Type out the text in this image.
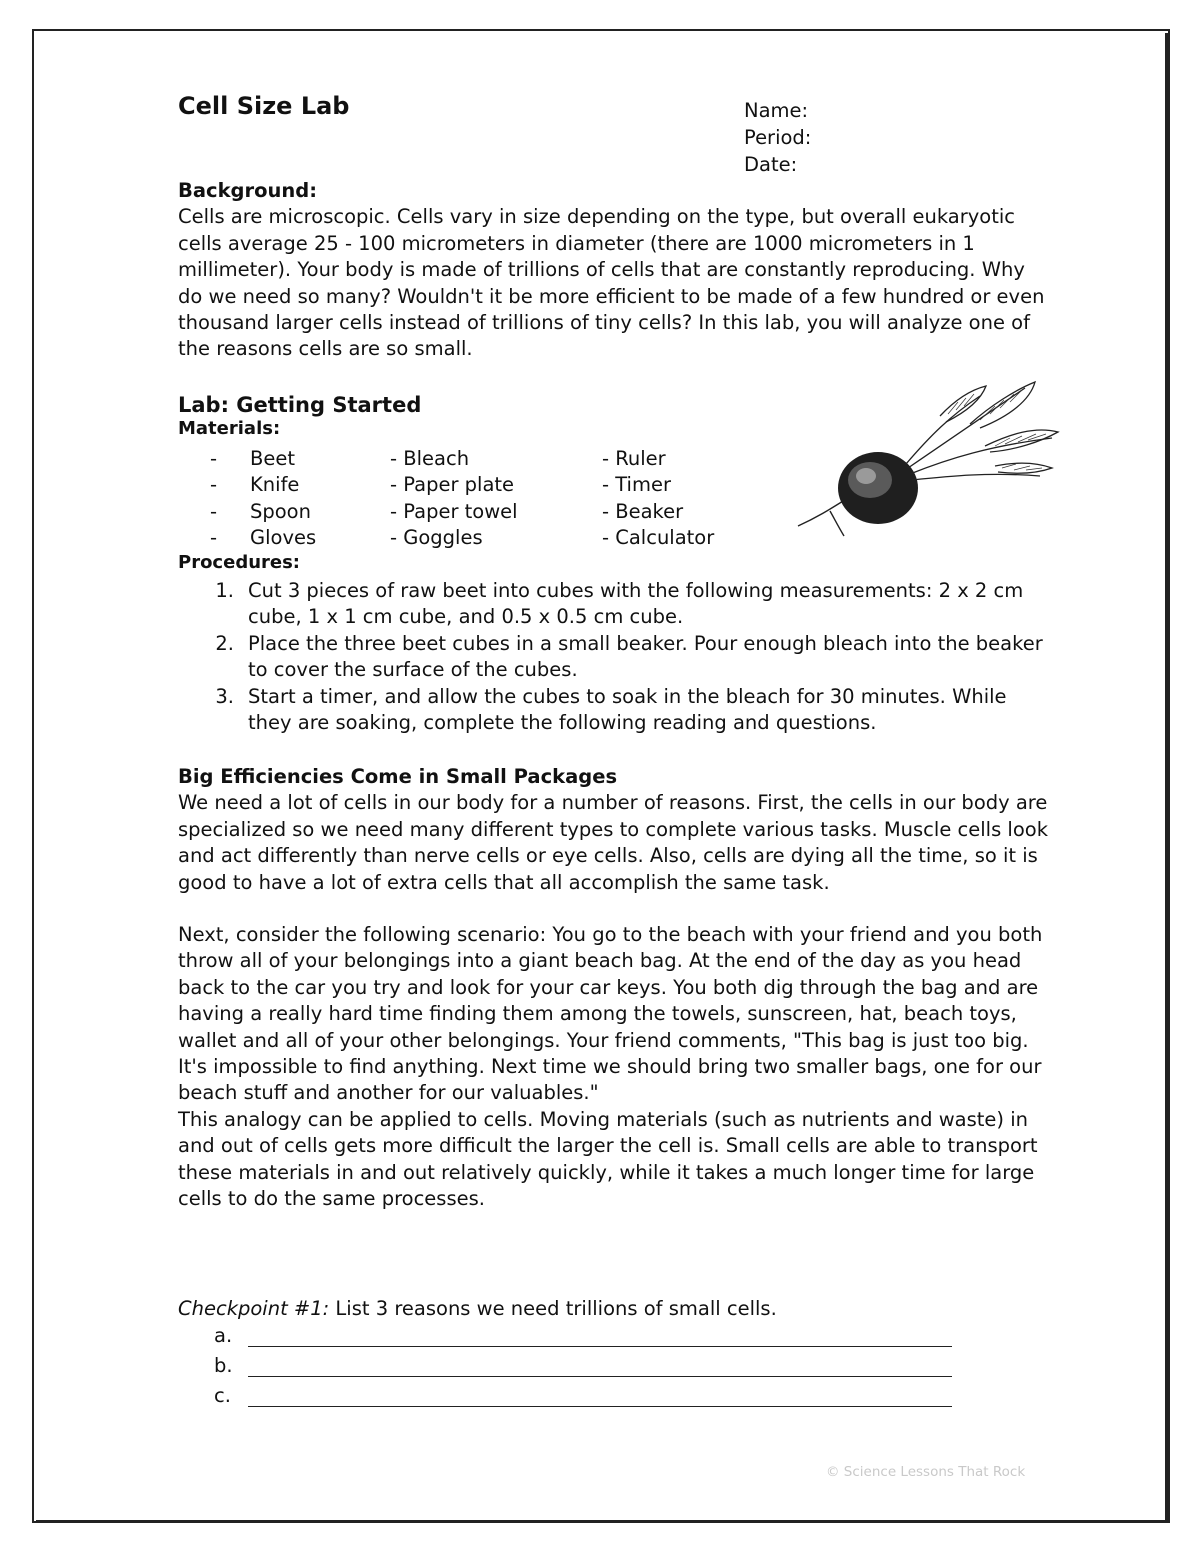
Cell Size Lab	Name:
Period:
Date:
Background:

Cells are microscopic. Cells vary in size depending on the type, but overall eukaryotic cells average 25 - 100 micrometers in diameter (there are 1000 micrometers in 1 millimeter). Your body is made of trillions of cells that are constantly reproducing. Why do we need so many? Wouldn't it be more efficient to be made of a few hundred or even thousand larger cells instead of trillions of tiny cells? In this lab, you will analyze one of the reasons cells are so small.

Lab: Getting Started
Materials:
-	Beet	- Bleach	- Ruler
-	Knife	- Paper plate	- Timer
-	Spoon	- Paper towel	- Beaker
-	Gloves	- Goggles	- Calculator
Procedures:
1. Cut 3 pieces of raw beet into cubes with the following measurements: 2 x 2 cm cube, 1 x 1 cm cube, and 0.5 x 0.5 cm cube.
2. Place the three beet cubes in a small beaker. Pour enough bleach into the beaker to cover the surface of the cubes.
3. Start a timer, and allow the cubes to soak in the bleach for 30 minutes. While they are soaking, complete the following reading and questions.
Big Efficiencies Come in Small Packages

We need a lot of cells in our body for a number of reasons. First, the cells in our body are specialized so we need many different types to complete various tasks. Muscle cells look and act differently than nerve cells or eye cells. Also, cells are dying all the time, so it is good to have a lot of extra cells that all accomplish the same task.

Next, consider the following scenario: You go to the beach with your friend and you both throw all of your belongings into a giant beach bag. At the end of the day as you head back to the car you try and look for your car keys. You both dig through the bag and are having a really hard time finding them among the towels, sunscreen, hat, beach toys, wallet and all of your other belongings. Your friend comments, "This bag is just too big. It's impossible to find anything. Next time we should bring two smaller bags, one for our beach stuff and another for our valuables."

This analogy can be applied to cells. Moving materials (such as nutrients and waste) in and out of cells gets more difficult the larger the cell is. Small cells are able to transport these materials in and out relatively quickly, while it takes a much longer time for large cells to do the same processes.

Checkpoint #1: List 3 reasons we need trillions of small cells.
a.
b.
c.
© Science Lessons That Rock
